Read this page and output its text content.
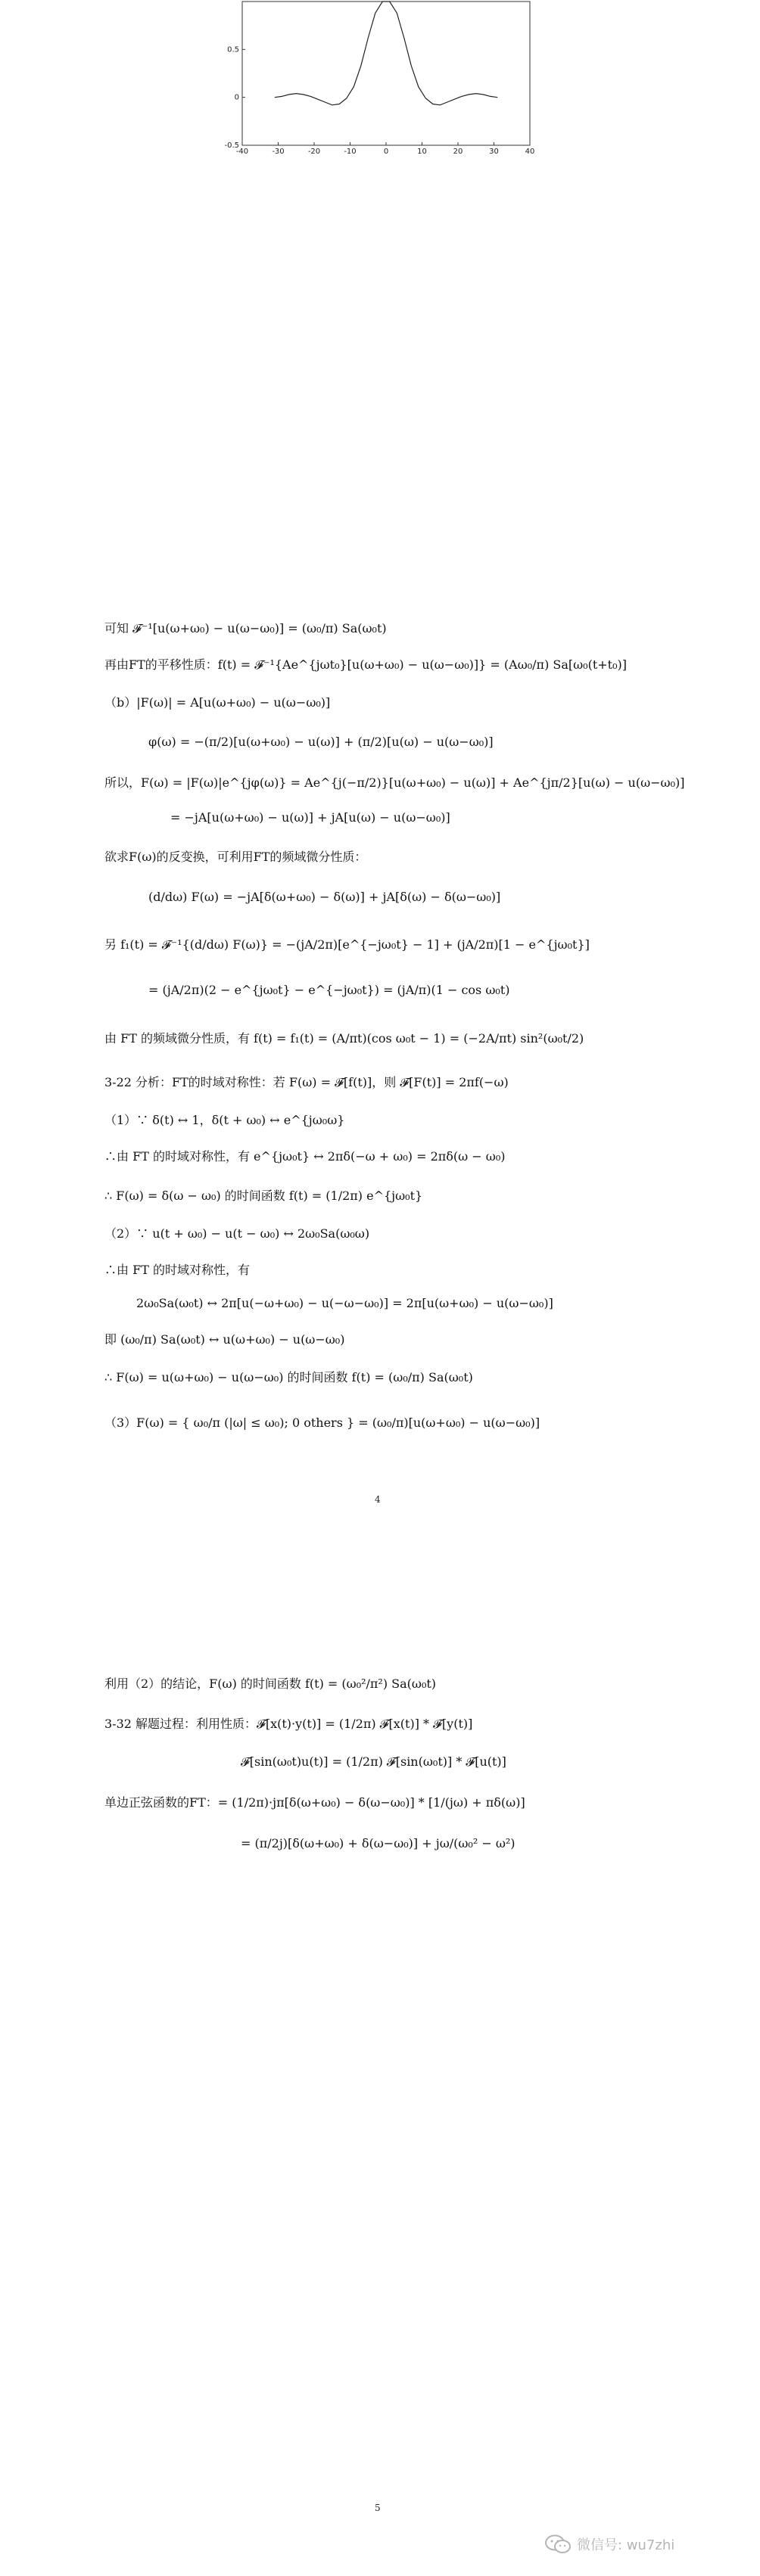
-40	-30	-20	-10	0	10	20	30	40
-0.5
0
0.5
可知 𝓕⁻¹[u(ω+ω₀) − u(ω−ω₀)] = (ω₀/π) Sa(ω₀t)
再由FT的平移性质：f(t) = 𝓕⁻¹{Ae^{jωt₀}[u(ω+ω₀) − u(ω−ω₀)]} = (Aω₀/π) Sa[ω₀(t+t₀)]
（b）|F(ω)| = A[u(ω+ω₀) − u(ω−ω₀)]
φ(ω) = −(π/2)[u(ω+ω₀) − u(ω)] + (π/2)[u(ω) − u(ω−ω₀)]
所以，F(ω) = |F(ω)|e^{jφ(ω)} = Ae^{j(−π/2)}[u(ω+ω₀) − u(ω)] + Ae^{jπ/2}[u(ω) − u(ω−ω₀)]
= −jA[u(ω+ω₀) − u(ω)] + jA[u(ω) − u(ω−ω₀)]
欲求F(ω)的反变换，可利用FT的频域微分性质：
(d/dω) F(ω) = −jA[δ(ω+ω₀) − δ(ω)] + jA[δ(ω) − δ(ω−ω₀)]
另 f₁(t) = 𝓕⁻¹{(d/dω) F(ω)} = −(jA/2π)[e^{−jω₀t} − 1] + (jA/2π)[1 − e^{jω₀t}]
= (jA/2π)(2 − e^{jω₀t} − e^{−jω₀t}) = (jA/π)(1 − cos ω₀t)
由 FT 的频域微分性质，有 f(t) = f₁(t) = (A/πt)(cos ω₀t − 1) = (−2A/πt) sin²(ω₀t/2)
3-22 分析：FT的时域对称性：若 F(ω) = 𝓕[f(t)]，则 𝓕[F(t)] = 2πf(−ω)
（1）∵ δ(t) ↔ 1，δ(t + ω₀) ↔ e^{jω₀ω}
∴由 FT 的时域对称性，有 e^{jω₀t} ↔ 2πδ(−ω + ω₀) = 2πδ(ω − ω₀)
∴ F(ω) = δ(ω − ω₀) 的时间函数 f(t) = (1/2π) e^{jω₀t}
（2）∵ u(t + ω₀) − u(t − ω₀) ↔ 2ω₀Sa(ω₀ω)
∴由 FT 的时域对称性，有
2ω₀Sa(ω₀t) ↔ 2π[u(−ω+ω₀) − u(−ω−ω₀)] = 2π[u(ω+ω₀) − u(ω−ω₀)]
即 (ω₀/π) Sa(ω₀t) ↔ u(ω+ω₀) − u(ω−ω₀)
∴ F(ω) = u(ω+ω₀) − u(ω−ω₀) 的时间函数 f(t) = (ω₀/π) Sa(ω₀t)
（3）F(ω) = { ω₀/π (|ω| ≤ ω₀); 0 others } = (ω₀/π)[u(ω+ω₀) − u(ω−ω₀)]
4
利用（2）的结论，F(ω) 的时间函数 f(t) = (ω₀²/π²) Sa(ω₀t)
3-32 解题过程：利用性质：𝓕[x(t)·y(t)] = (1/2π) 𝓕[x(t)] * 𝓕[y(t)]
𝓕[sin(ω₀t)u(t)] = (1/2π) 𝓕[sin(ω₀t)] * 𝓕[u(t)]
单边正弦函数的FT：= (1/2π)·jπ[δ(ω+ω₀) − δ(ω−ω₀)] * [1/(jω) + πδ(ω)]
= (π/2j)[δ(ω+ω₀) + δ(ω−ω₀)] + jω/(ω₀² − ω²)
5
微信号: wu7zhi
